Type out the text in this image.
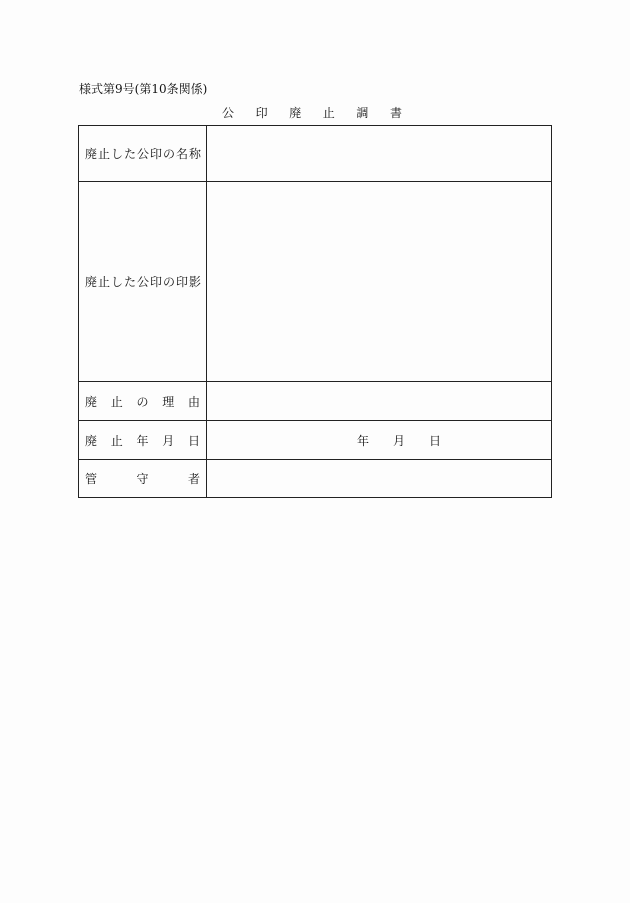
様式第9号(第10条関係)
公 印 廃 止 調 書
廃止した公印の名称	
廃止した公印の印影	

廃 止 の 理 由	

廃 止 年 月 日	年 月 日

管 守 者	
